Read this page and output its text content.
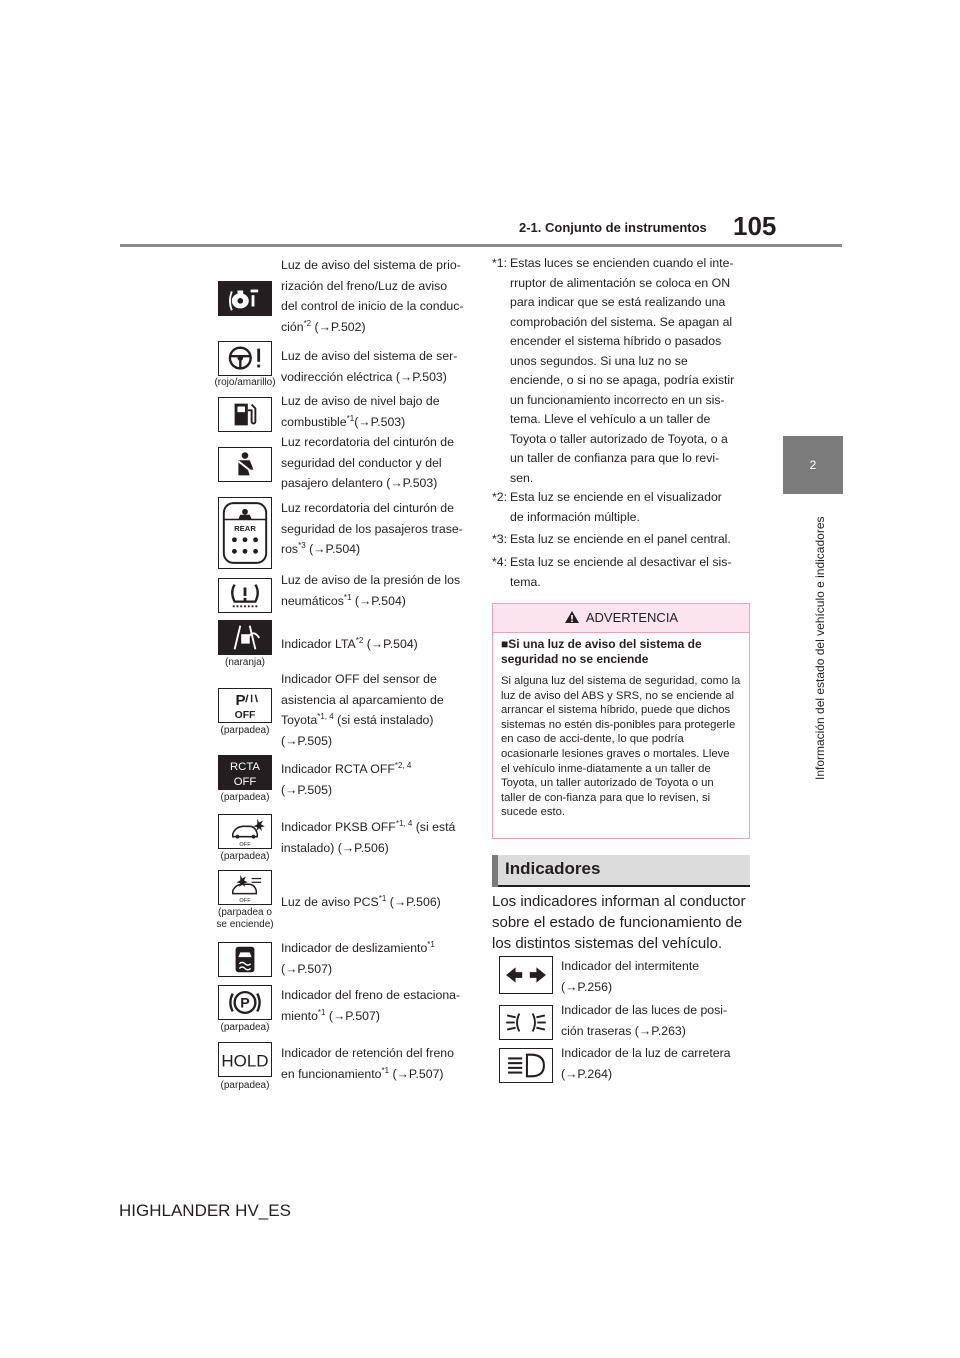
2-1. Conjunto de instrumentos 105
2
Información del estado del vehículo e indicadores
(rojo/amarillo)
REAR
(naranja)
P
OFF
(parpadea)
RCTA
OFF
(parpadea)
OFF
(parpadea)
OFF
(parpadea o
se enciende)
P
(parpadea)
HOLD
(parpadea)
Luz de aviso del sistema de prio-
rización del freno/Luz de aviso
del control de inicio de la conduc-
ción$^{*2}$ (→P.502)
Luz de aviso del sistema de ser-
vodirección eléctrica (→P.503)
Luz de aviso de nivel bajo de
combustible$^{*1}$(→P.503)
Luz recordatoria del cinturón de
seguridad del conductor y del
pasajero delantero (→P.503)
Luz recordatoria del cinturón de
seguridad de los pasajeros trase-
ros$^{*3}$ (→P.504)
Luz de aviso de la presión de los
neumáticos$^{*1}$ (→P.504)
Indicador LTA$^{*2}$ (→P.504)
Indicador OFF del sensor de
asistencia al aparcamiento de
Toyota$^{*1, 4}$ (si está instalado)
(→P.505)
Indicador RCTA OFF$^{*2, 4}$
(→P.505)
Indicador PKSB OFF$^{*1, 4}$ (si está
instalado) (→P.506)
Luz de aviso PCS$^{*1}$ (→P.506)
Indicador de deslizamiento$^{*1}$
(→P.507)
Indicador del freno de estaciona-
miento$^{*1}$ (→P.507)
Indicador de retención del freno
en funcionamiento$^{*1}$ (→P.507)
*1: Estas luces se encienden cuando el inte-
rruptor de alimentación se coloca en ON
para indicar que se está realizando una
comprobación del sistema. Se apagan al
encender el sistema híbrido o pasados
unos segundos. Si una luz no se
enciende, o si no se apaga, podría existir
un funcionamiento incorrecto en un sis-
tema. Lleve el vehículo a un taller de
Toyota o taller autorizado de Toyota, o a
un taller de confianza para que lo revi-
sen.
*2: Esta luz se enciende en el visualizador
de información múltiple.
*3: Esta luz se enciende en el panel central.
*4: Esta luz se enciende al desactivar el sis-
tema.
ADVERTENCIA
■Si una luz de aviso del sistema de seguridad no se enciende
Si alguna luz del sistema de seguridad, como la luz de aviso del ABS y SRS, no se enciende al arrancar el sistema híbrido, puede que dichos sistemas no estén dis-ponibles para protegerle en caso de acci-dente, lo que podría ocasionarle lesiones graves o mortales. Lleve el vehículo inme-diatamente a un taller de Toyota, un taller autorizado de Toyota o un taller de con-fianza para que lo revisen, si sucede esto.
Indicadores
Los indicadores informan al conductor sobre el estado de funcionamiento de los distintos sistemas del vehículo.
Indicador del intermitente
(→P.256)
Indicador de las luces de posi-
ción traseras (→P.263)
Indicador de la luz de carretera
(→P.264)
HIGHLANDER HV_ES
